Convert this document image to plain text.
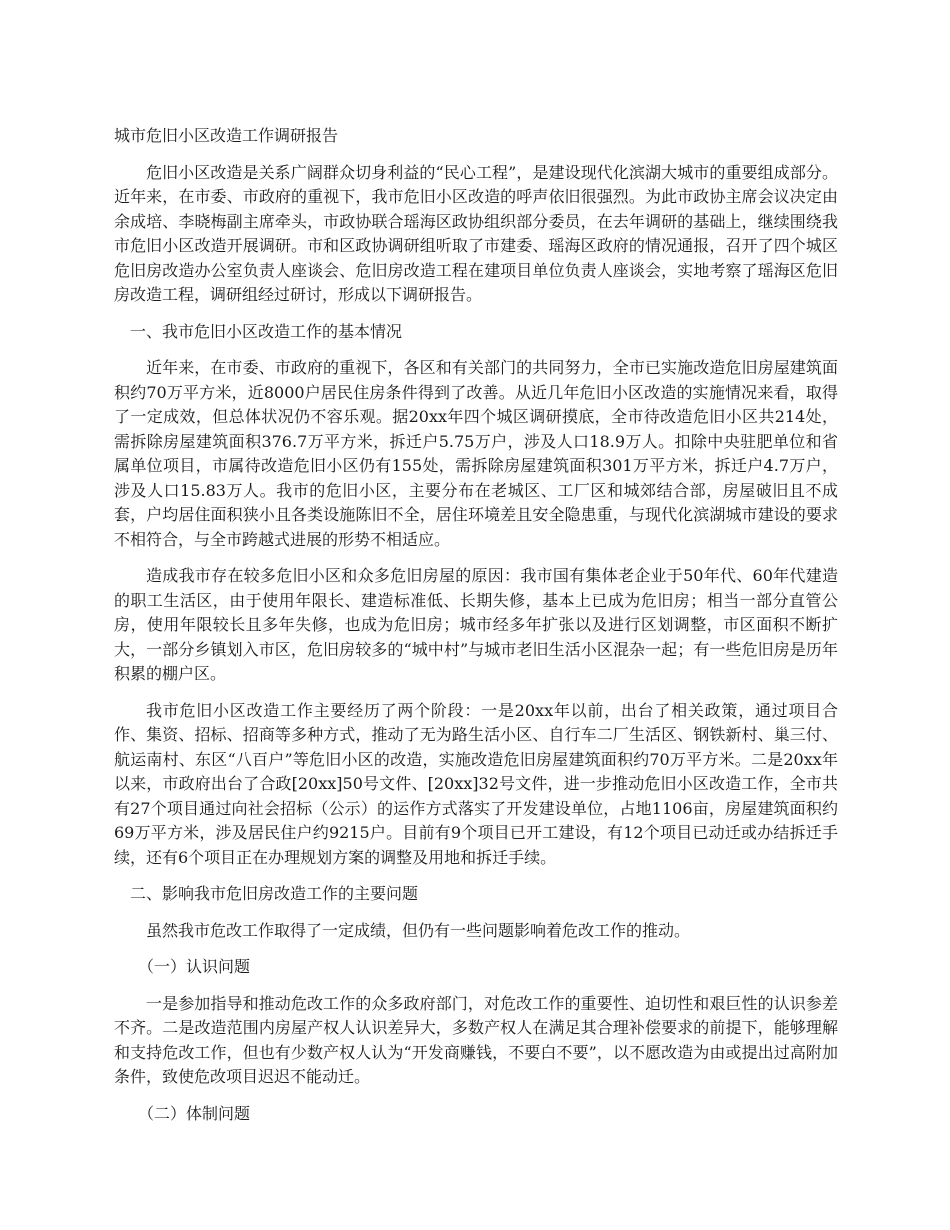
城市危旧小区改造工作调研报告

危旧小区改造是关系广阔群众切身利益的“民心工程”，是建设现代化滨湖大城市的重要组成部分。近年来，在市委、市政府的重视下，我市危旧小区改造的呼声依旧很强烈。为此市政协主席会议决定由余成培、李晓梅副主席牵头，市政协联合瑶海区政协组织部分委员，在去年调研的基础上，继续围绕我市危旧小区改造开展调研。市和区政协调研组听取了市建委、瑶海区政府的情况通报，召开了四个城区危旧房改造办公室负责人座谈会、危旧房改造工程在建项目单位负责人座谈会，实地考察了瑶海区危旧房改造工程，调研组经过研讨，形成以下调研报告。

一、我市危旧小区改造工作的基本情况

近年来，在市委、市政府的重视下，各区和有关部门的共同努力，全市已实施改造危旧房屋建筑面积约70万平方米，近8000户居民住房条件得到了改善。从近几年危旧小区改造的实施情况来看，取得了一定成效，但总体状况仍不容乐观。据20xx年四个城区调研摸底，全市待改造危旧小区共214处，需拆除房屋建筑面积376.7万平方米，拆迁户5.75万户，涉及人口18.9万人。扣除中央驻肥单位和省属单位项目，市属待改造危旧小区仍有155处，需拆除房屋建筑面积301万平方米，拆迁户4.7万户，涉及人口15.83万人。我市的危旧小区，主要分布在老城区、工厂区和城郊结合部，房屋破旧且不成套，户均居住面积狭小且各类设施陈旧不全，居住环境差且安全隐患重，与现代化滨湖城市建设的要求不相符合，与全市跨越式进展的形势不相适应。

造成我市存在较多危旧小区和众多危旧房屋的原因：我市国有集体老企业于50年代、60年代建造的职工生活区，由于使用年限长、建造标准低、长期失修，基本上已成为危旧房；相当一部分直管公房，使用年限较长且多年失修，也成为危旧房；城市经多年扩张以及进行区划调整，市区面积不断扩大，一部分乡镇划入市区，危旧房较多的“城中村”与城市老旧生活小区混杂一起；有一些危旧房是历年积累的棚户区。

我市危旧小区改造工作主要经历了两个阶段：一是20xx年以前，出台了相关政策，通过项目合作、集资、招标、招商等多种方式，推动了无为路生活小区、自行车二厂生活区、钢铁新村、巢三付、航运南村、东区“八百户”等危旧小区的改造，实施改造危旧房屋建筑面积约70万平方米。二是20xx年以来，市政府出台了合政[20xx]50号文件、[20xx]32号文件，进一步推动危旧小区改造工作，全市共有27个项目通过向社会招标（公示）的运作方式落实了开发建设单位，占地1106亩，房屋建筑面积约69万平方米，涉及居民住户约9215户。目前有9个项目已开工建设，有12个项目已动迁或办结拆迁手续，还有6个项目正在办理规划方案的调整及用地和拆迁手续。

二、影响我市危旧房改造工作的主要问题

虽然我市危改工作取得了一定成绩，但仍有一些问题影响着危改工作的推动。

（一）认识问题

一是参加指导和推动危改工作的众多政府部门，对危改工作的重要性、迫切性和艰巨性的认识参差不齐。二是改造范围内房屋产权人认识差异大，多数产权人在满足其合理补偿要求的前提下，能够理解和支持危改工作，但也有少数产权人认为“开发商赚钱，不要白不要”，以不愿改造为由或提出过高附加条件，致使危改项目迟迟不能动迁。

（二）体制问题
